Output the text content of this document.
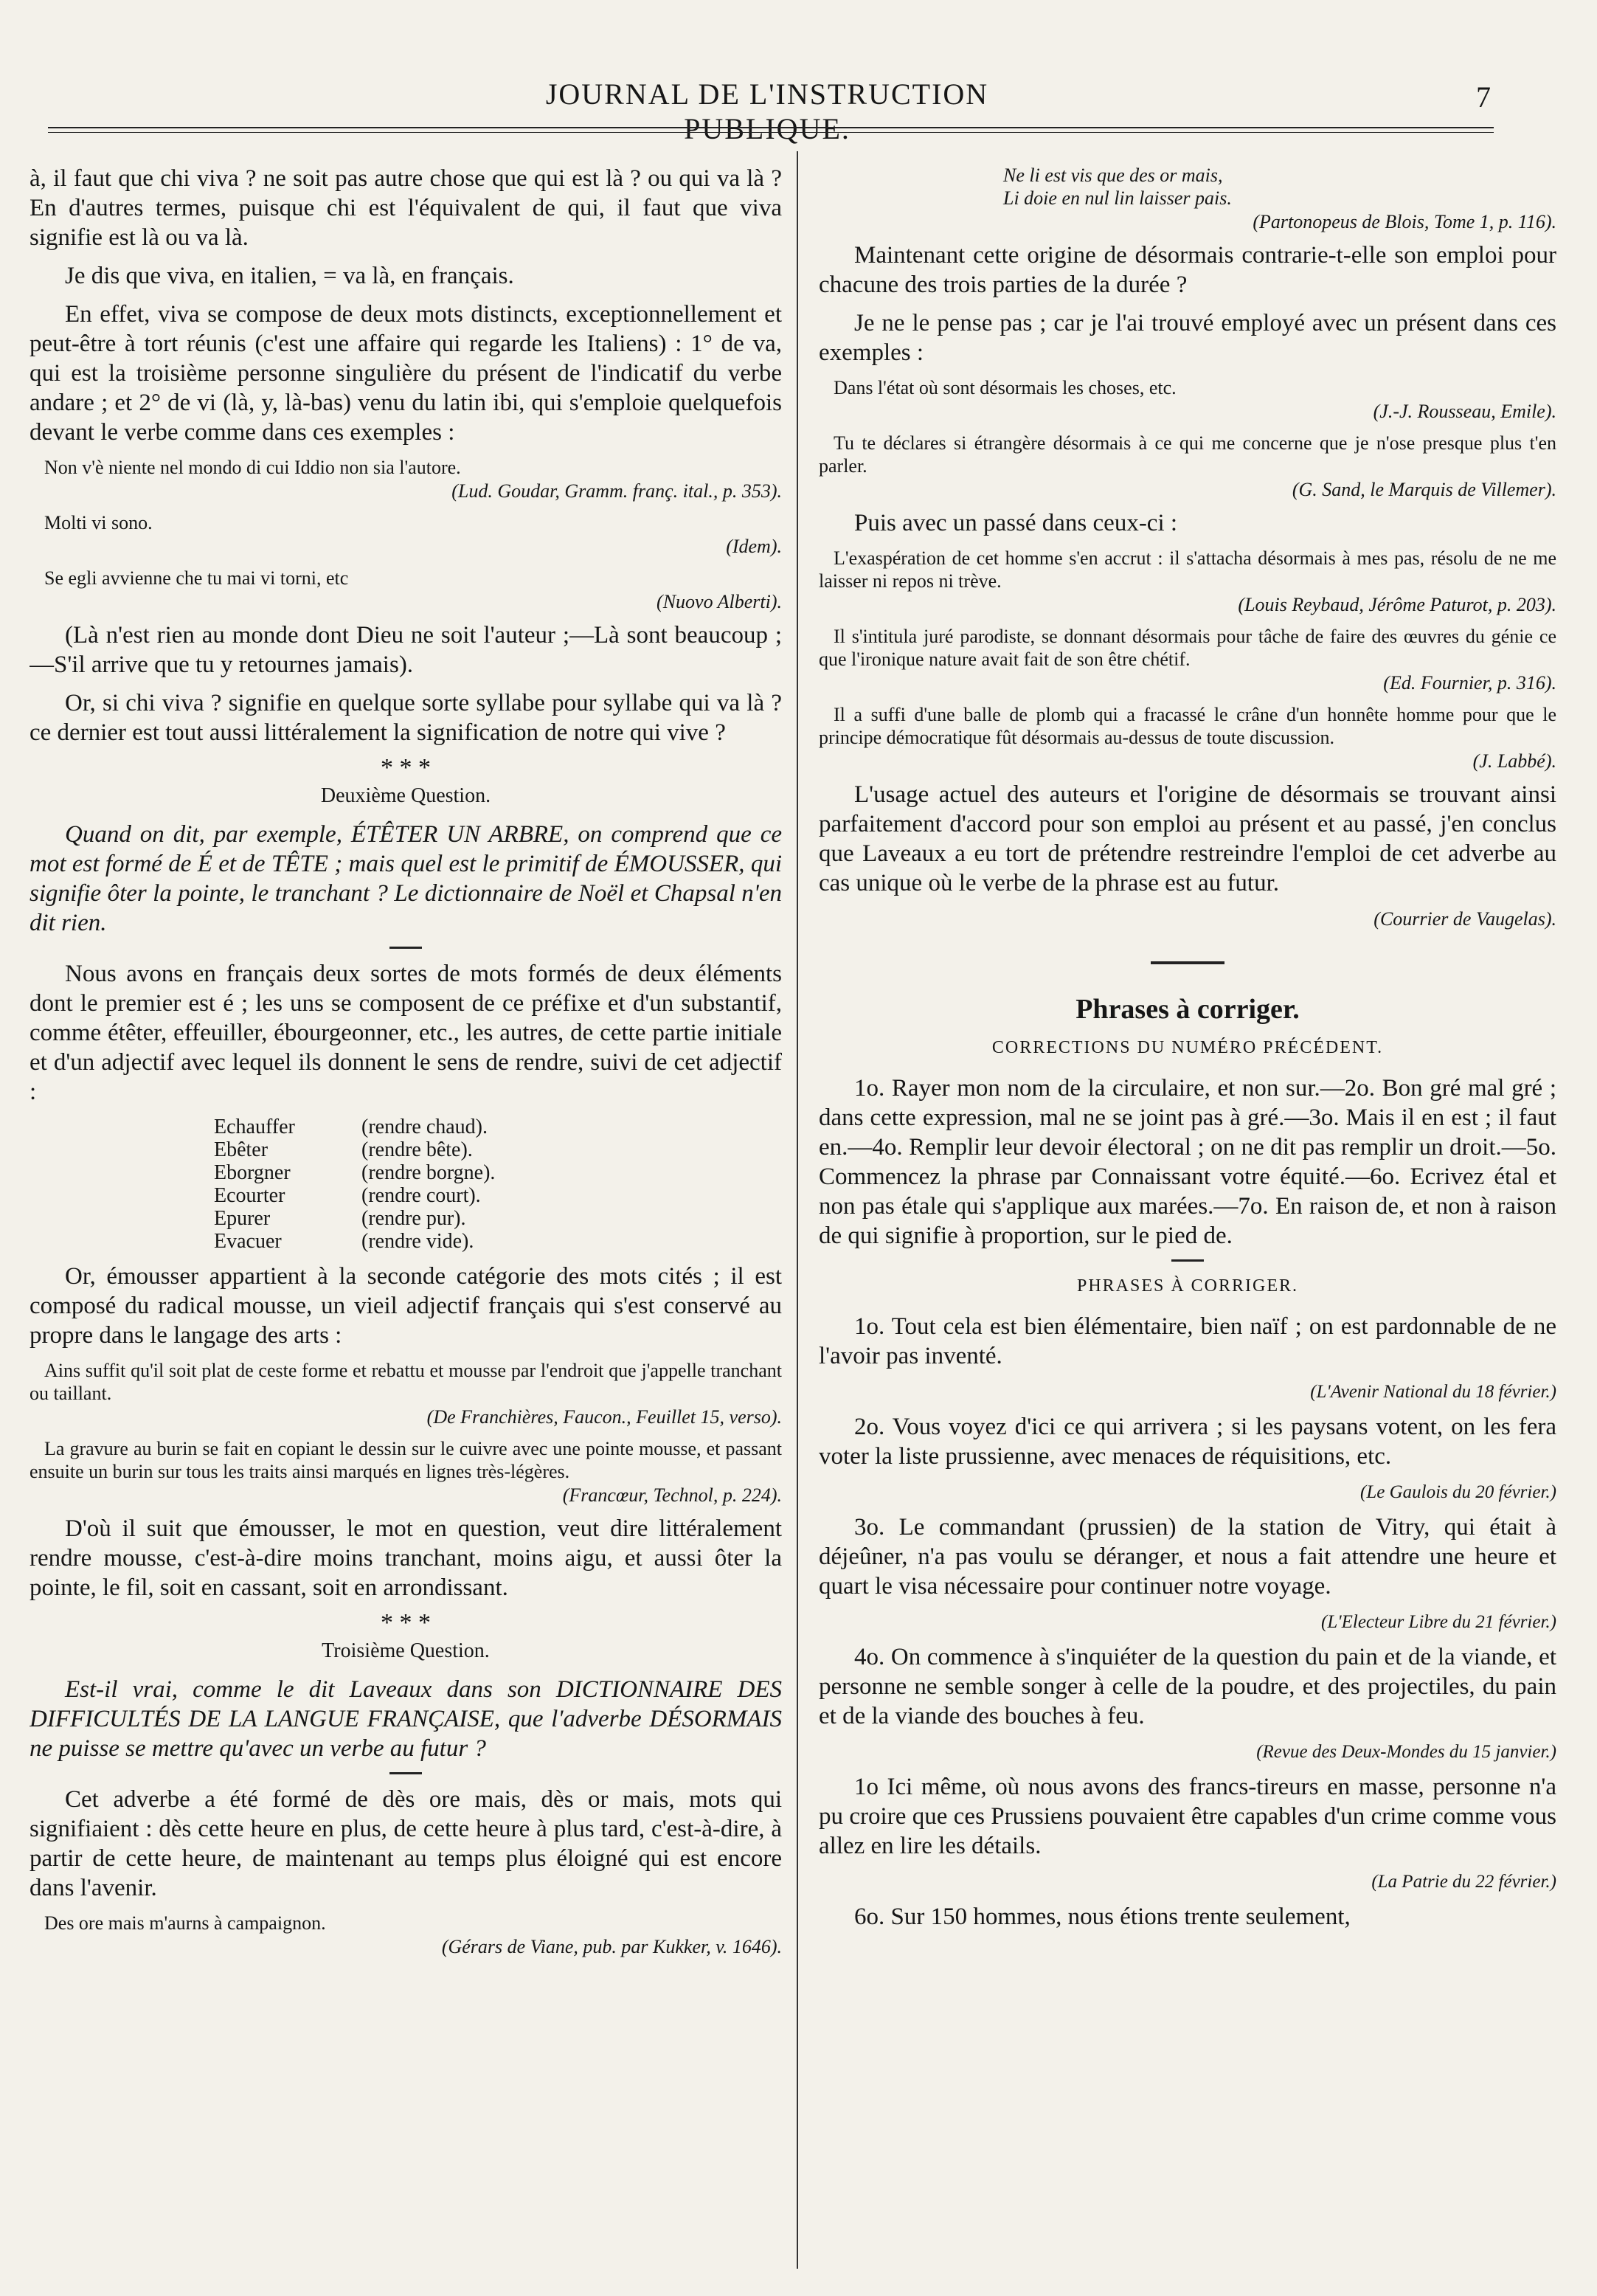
JOURNAL DE L'INSTRUCTION PUBLIQUE.
7

à, il faut que chi viva ? ne soit pas autre chose que qui est là ? ou qui va là ? En d'autres termes, puisque chi est l'équivalent de qui, il faut que viva signifie est là ou va là.

Je dis que viva, en italien, = va là, en français.

En effet, viva se compose de deux mots distincts, exceptionnellement et peut-être à tort réunis (c'est une affaire qui regarde les Italiens) : 1° de va, qui est la troisième personne singulière du présent de l'indicatif du verbe andare ; et 2° de vi (là, y, là-bas) venu du latin ibi, qui s'emploie quelquefois devant le verbe comme dans ces exemples :

Non v'è niente nel mondo di cui Iddio non sia l'autore.

(Lud. Goudar, Gramm. franç. ital., p. 353).

Molti vi sono.

(Idem).

Se egli avvienne che tu mai vi torni, etc

(Nuovo Alberti).

(Là n'est rien au monde dont Dieu ne soit l'auteur ;—Là sont beaucoup ;—S'il arrive que tu y retournes jamais).

Or, si chi viva ? signifie en quelque sorte syllabe pour syllabe qui va là ? ce dernier est tout aussi littéralement la signification de notre qui vive ?

* * *
Deuxième Question.

Quand on dit, par exemple, ÉTÊTER UN ARBRE, on comprend que ce mot est formé de É et de TÊTE ; mais quel est le primitif de ÉMOUSSER, qui signifie ôter la pointe, le tranchant ? Le dictionnaire de Noël et Chapsal n'en dit rien.

Nous avons en français deux sortes de mots formés de deux éléments dont le premier est é ; les uns se composent de ce préfixe et d'un substantif, comme étêter, effeuiller, ébourgeonner, etc., les autres, de cette partie initiale et d'un adjectif avec lequel ils donnent le sens de rendre, suivi de cet adjectif :

Echauffer	(rendre chaud).
Ebêter	(rendre bête).
Eborgner	(rendre borgne).
Ecourter	(rendre court).
Epurer	(rendre pur).
Evacuer	(rendre vide).

Or, émousser appartient à la seconde catégorie des mots cités ; il est composé du radical mousse, un vieil adjectif français qui s'est conservé au propre dans le langage des arts :

Ains suffit qu'il soit plat de ceste forme et rebattu et mousse par l'endroit que j'appelle tranchant ou taillant.

(De Franchières, Faucon., Feuillet 15, verso).

La gravure au burin se fait en copiant le dessin sur le cuivre avec une pointe mousse, et passant ensuite un burin sur tous les traits ainsi marqués en lignes très-légères.

(Francœur, Technol, p. 224).

D'où il suit que émousser, le mot en question, veut dire littéralement rendre mousse, c'est-à-dire moins tranchant, moins aigu, et aussi ôter la pointe, le fil, soit en cassant, soit en arrondissant.

* * *
Troisième Question.

Est-il vrai, comme le dit Laveaux dans son DICTIONNAIRE DES DIFFICULTÉS DE LA LANGUE FRANÇAISE, que l'adverbe DÉSORMAIS ne puisse se mettre qu'avec un verbe au futur ?

Cet adverbe a été formé de dès ore mais, dès or mais, mots qui signifiaient : dès cette heure en plus, de cette heure à plus tard, c'est-à-dire, à partir de cette heure, de maintenant au temps plus éloigné qui est encore dans l'avenir.

Des ore mais m'aurns à campaignon.

(Gérars de Viane, pub. par Kukker, v. 1646).

Ne li est vis que des or mais,

Li doie en nul lin laisser pais.

(Partonopeus de Blois, Tome 1, p. 116).

Maintenant cette origine de désormais contrarie-t-elle son emploi pour chacune des trois parties de la durée ?

Je ne le pense pas ; car je l'ai trouvé employé avec un présent dans ces exemples :

Dans l'état où sont désormais les choses, etc.

(J.-J. Rousseau, Emile).

Tu te déclares si étrangère désormais à ce qui me concerne que je n'ose presque plus t'en parler.

(G. Sand, le Marquis de Villemer).

Puis avec un passé dans ceux-ci :

L'exaspération de cet homme s'en accrut : il s'attacha désormais à mes pas, résolu de ne me laisser ni repos ni trève.

(Louis Reybaud, Jérôme Paturot, p. 203).

Il s'intitula juré parodiste, se donnant désormais pour tâche de faire des œuvres du génie ce que l'ironique nature avait fait de son être chétif.

(Ed. Fournier, p. 316).

Il a suffi d'une balle de plomb qui a fracassé le crâne d'un honnête homme pour que le principe démocratique fût désormais au-dessus de toute discussion.

(J. Labbé).

L'usage actuel des auteurs et l'origine de désormais se trouvant ainsi parfaitement d'accord pour son emploi au présent et au passé, j'en conclus que Laveaux a eu tort de prétendre restreindre l'emploi de cet adverbe au cas unique où le verbe de la phrase est au futur.

(Courrier de Vaugelas).

Phrases à corriger.
CORRECTIONS DU NUMÉRO PRÉCÉDENT.

1o. Rayer mon nom de la circulaire, et non sur.—2o. Bon gré mal gré ; dans cette expression, mal ne se joint pas à gré.—3o. Mais il en est ; il faut en.—4o. Remplir leur devoir électoral ; on ne dit pas remplir un droit.—5o. Commencez la phrase par Connaissant votre équité.—6o. Ecrivez étal et non pas étale qui s'applique aux marées.—7o. En raison de, et non à raison de qui signifie à proportion, sur le pied de.

PHRASES À CORRIGER.

1o. Tout cela est bien élémentaire, bien naïf ; on est pardonnable de ne l'avoir pas inventé.

(L'Avenir National du 18 février.)

2o. Vous voyez d'ici ce qui arrivera ; si les paysans votent, on les fera voter la liste prussienne, avec menaces de réquisitions, etc.

(Le Gaulois du 20 février.)

3o. Le commandant (prussien) de la station de Vitry, qui était à déjeûner, n'a pas voulu se déranger, et nous a fait attendre une heure et quart le visa nécessaire pour continuer notre voyage.

(L'Electeur Libre du 21 février.)

4o. On commence à s'inquiéter de la question du pain et de la viande, et personne ne semble songer à celle de la poudre, et des projectiles, du pain et de la viande des bouches à feu.

(Revue des Deux-Mondes du 15 janvier.)

1o Ici même, où nous avons des francs-tireurs en masse, personne n'a pu croire que ces Prussiens pouvaient être capables d'un crime comme vous allez en lire les détails.

(La Patrie du 22 février.)

6o. Sur 150 hommes, nous étions trente seulement,
